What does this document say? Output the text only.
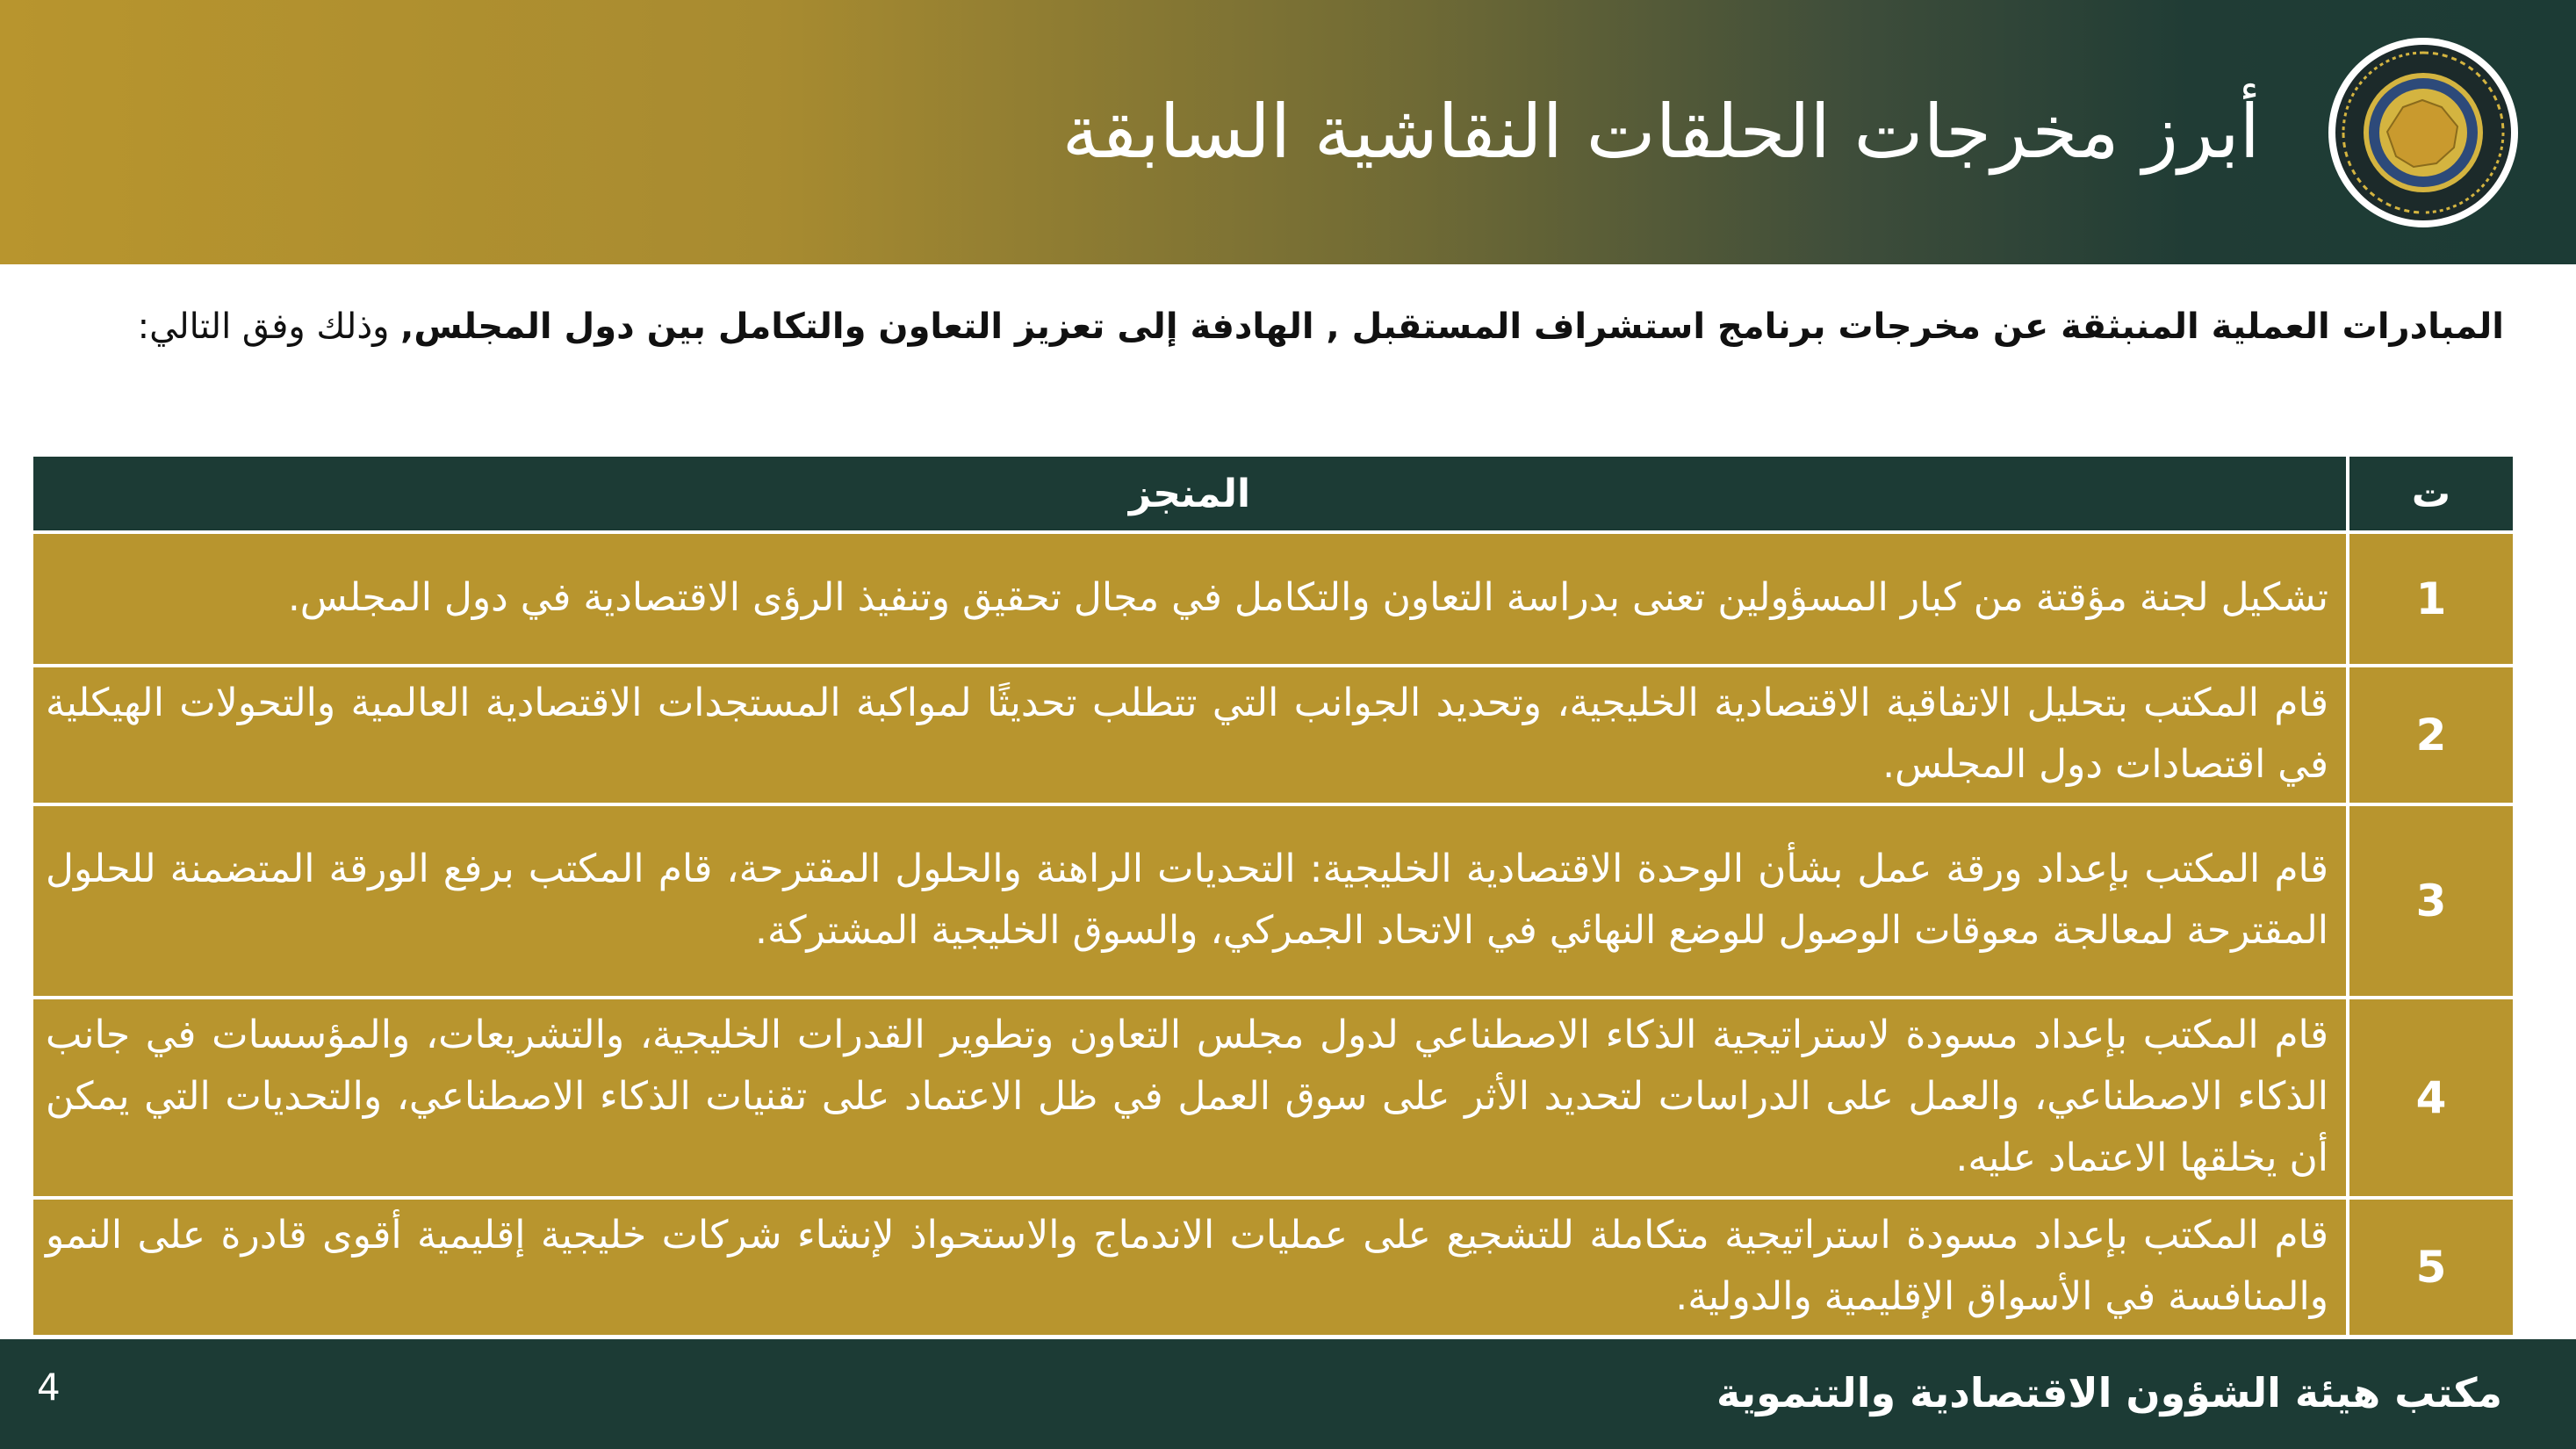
أبرز مخرجات الحلقات النقاشية السابقة
المبادرات العملية المنبثقة عن مخرجات برنامج استشراف المستقبل , الهادفة إلى تعزيز التعاون والتكامل بين دول المجلس, وذلك وفق التالي:
ت	المنجز
1	تشكيل لجنة مؤقتة من كبار المسؤولين تعنى بدراسة التعاون والتكامل في مجال تحقيق وتنفيذ الرؤى الاقتصادية في دول المجلس.
2	قام المكتب بتحليل الاتفاقية الاقتصادية الخليجية، وتحديد الجوانب التي تتطلب تحديثًا لمواكبة المستجدات الاقتصادية العالمية والتحولات الهيكلية في اقتصادات دول المجلس.
3	قام المكتب بإعداد ورقة عمل بشأن الوحدة الاقتصادية الخليجية: التحديات الراهنة والحلول المقترحة، قام المكتب برفع الورقة المتضمنة للحلول المقترحة لمعالجة معوقات الوصول للوضع النهائي في الاتحاد الجمركي، والسوق الخليجية المشتركة.
4	قام المكتب بإعداد مسودة لاستراتيجية الذكاء الاصطناعي لدول مجلس التعاون وتطوير القدرات الخليجية، والتشريعات، والمؤسسات في جانب الذكاء الاصطناعي، والعمل على الدراسات لتحديد الأثر على سوق العمل في ظل الاعتماد على تقنيات الذكاء الاصطناعي، والتحديات التي يمكن أن يخلقها الاعتماد عليه.
5	قام المكتب بإعداد مسودة استراتيجية متكاملة للتشجيع على عمليات الاندماج والاستحواذ لإنشاء شركات خليجية إقليمية أقوى قادرة على النمو والمنافسة في الأسواق الإقليمية والدولية.
مكتب هيئة الشؤون الاقتصادية والتنموية
4
